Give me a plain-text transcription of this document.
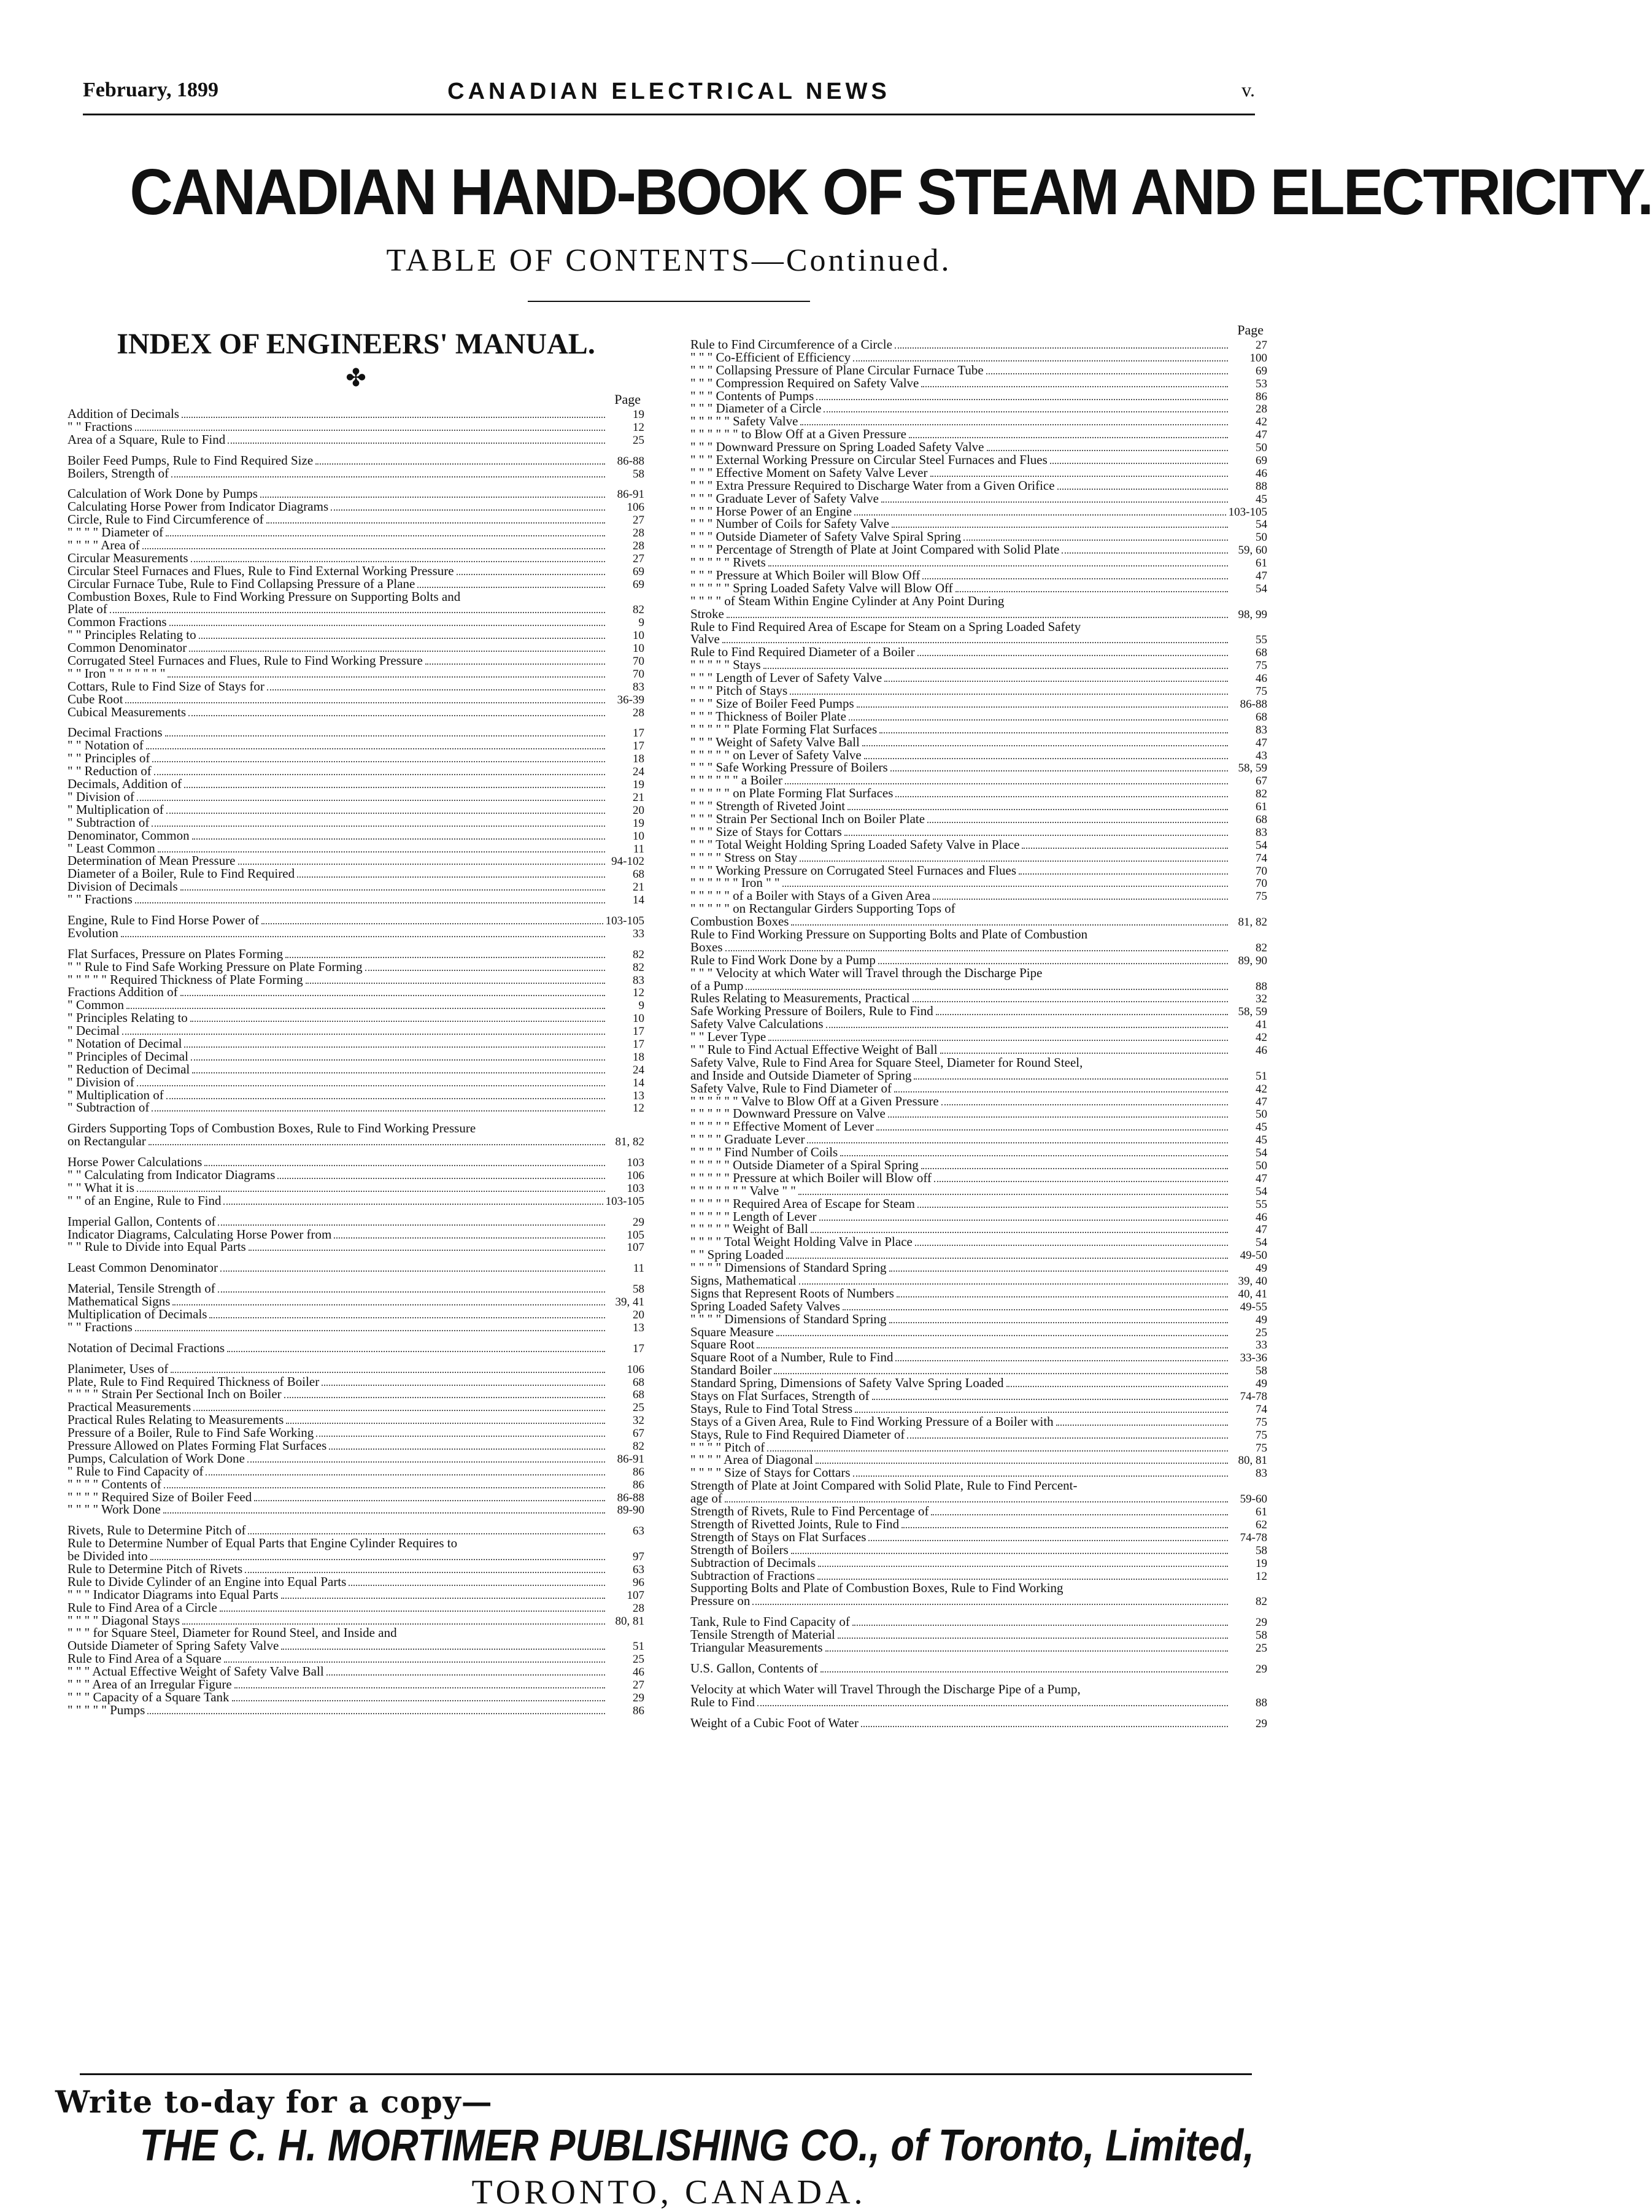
February, 1899	CANADIAN ELECTRICAL NEWS	v.
CANADIAN HAND-BOOK OF STEAM AND ELECTRICITY.
TABLE OF CONTENTS—Continued.
INDEX OF ENGINEERS' MANUAL.
✤
Page
Addition of Decimals	19
" " Fractions	12
Area of a Square, Rule to Find	25
Boiler Feed Pumps, Rule to Find Required Size	86-88
Boilers, Strength of	58
Calculation of Work Done by Pumps	86-91
Calculating Horse Power from Indicator Diagrams	106
Circle, Rule to Find Circumference of	27
" " " " Diameter of	28
" " " " Area of	28
Circular Measurements	27
Circular Steel Furnaces and Flues, Rule to Find External Working Pressure	69
Circular Furnace Tube, Rule to Find Collapsing Pressure of a Plane	69
Combustion Boxes, Rule to Find Working Pressure on Supporting Bolts and
Plate of	82
Common Fractions	9
" " Principles Relating to	10
Common Denominator	10
Corrugated Steel Furnaces and Flues, Rule to Find Working Pressure	70
" " Iron " " " " " " "	70
Cottars, Rule to Find Size of Stays for	83
Cube Root	36-39
Cubical Measurements	28
Decimal Fractions	17
" " Notation of	17
" " Principles of	18
" " Reduction of	24
Decimals, Addition of	19
" Division of	21
" Multiplication of	20
" Subtraction of	19
Denominator, Common	10
" Least Common	11
Determination of Mean Pressure	94-102
Diameter of a Boiler, Rule to Find Required	68
Division of Decimals	21
" " Fractions	14
Engine, Rule to Find Horse Power of	103-105
Evolution	33
Flat Surfaces, Pressure on Plates Forming	82
" " Rule to Find Safe Working Pressure on Plate Forming	82
" " " " " Required Thickness of Plate Forming	83
Fractions Addition of	12
" Common	9
" Principles Relating to	10
" Decimal	17
" Notation of Decimal	17
" Principles of Decimal	18
" Reduction of Decimal	24
" Division of	14
" Multiplication of	13
" Subtraction of	12
Girders Supporting Tops of Combustion Boxes, Rule to Find Working Pressure
on Rectangular	81, 82
Horse Power Calculations	103
" " Calculating from Indicator Diagrams	106
" " What it is	103
" " of an Engine, Rule to Find	103-105
Imperial Gallon, Contents of	29
Indicator Diagrams, Calculating Horse Power from	105
" " Rule to Divide into Equal Parts	107
Least Common Denominator	11
Material, Tensile Strength of	58
Mathematical Signs	39, 41
Multiplication of Decimals	20
" " Fractions	13
Notation of Decimal Fractions	17
Planimeter, Uses of	106
Plate, Rule to Find Required Thickness of Boiler	68
" " " " Strain Per Sectional Inch on Boiler	68
Practical Measurements	25
Practical Rules Relating to Measurements	32
Pressure of a Boiler, Rule to Find Safe Working	67
Pressure Allowed on Plates Forming Flat Surfaces	82
Pumps, Calculation of Work Done	86-91
" Rule to Find Capacity of	86
" " " " Contents of	86
" " " " Required Size of Boiler Feed	86-88
" " " " Work Done	89-90
Rivets, Rule to Determine Pitch of	63
Rule to Determine Number of Equal Parts that Engine Cylinder Requires to
be Divided into	97
Rule to Determine Pitch of Rivets	63
Rule to Divide Cylinder of an Engine into Equal Parts	96
" " " Indicator Diagrams into Equal Parts	107
Rule to Find Area of a Circle	28
" " " " Diagonal Stays	80, 81
" " " for Square Steel, Diameter for Round Steel, and Inside and
Outside Diameter of Spring Safety Valve	51
Rule to Find Area of a Square	25
" " " Actual Effective Weight of Safety Valve Ball	46
" " " Area of an Irregular Figure	27
" " " Capacity of a Square Tank	29
" " " " " Pumps	86
Page
Rule to Find Circumference of a Circle	27
" " " Co-Efficient of Efficiency	100
" " " Collapsing Pressure of Plane Circular Furnace Tube	69
" " " Compression Required on Safety Valve	53
" " " Contents of Pumps	86
" " " Diameter of a Circle	28
" " " " " Safety Valve	42
" " " " " " to Blow Off at a Given Pressure	47
" " " Downward Pressure on Spring Loaded Safety Valve	50
" " " External Working Pressure on Circular Steel Furnaces and Flues	69
" " " Effective Moment on Safety Valve Lever	46
" " " Extra Pressure Required to Discharge Water from a Given Orifice	88
" " " Graduate Lever of Safety Valve	45
" " " Horse Power of an Engine	103-105
" " " Number of Coils for Safety Valve	54
" " " Outside Diameter of Safety Valve Spiral Spring	50
" " " Percentage of Strength of Plate at Joint Compared with Solid Plate	59, 60
" " " " " Rivets	61
" " " Pressure at Which Boiler will Blow Off	47
" " " " " Spring Loaded Safety Valve will Blow Off	54
" " " " of Steam Within Engine Cylinder at Any Point During
Stroke	98, 99
Rule to Find Required Area of Escape for Steam on a Spring Loaded Safety
Valve	55
Rule to Find Required Diameter of a Boiler	68
" " " " " Stays	75
" " " Length of Lever of Safety Valve	46
" " " Pitch of Stays	75
" " " Size of Boiler Feed Pumps	86-88
" " " Thickness of Boiler Plate	68
" " " " " Plate Forming Flat Surfaces	83
" " " Weight of Safety Valve Ball	47
" " " " " on Lever of Safety Valve	43
" " " Safe Working Pressure of Boilers	58, 59
" " " " " " a Boiler	67
" " " " " on Plate Forming Flat Surfaces	82
" " " Strength of Riveted Joint	61
" " " Strain Per Sectional Inch on Boiler Plate	68
" " " Size of Stays for Cottars	83
" " " Total Weight Holding Spring Loaded Safety Valve in Place	54
" " " " Stress on Stay	74
" " " Working Pressure on Corrugated Steel Furnaces and Flues	70
" " " " " " Iron " "	70
" " " " " of a Boiler with Stays of a Given Area	75
" " " " " on Rectangular Girders Supporting Tops of
Combustion Boxes	81, 82
Rule to Find Working Pressure on Supporting Bolts and Plate of Combustion
Boxes	82
Rule to Find Work Done by a Pump	89, 90
" " " Velocity at which Water will Travel through the Discharge Pipe
of a Pump	88
Rules Relating to Measurements, Practical	32
Safe Working Pressure of Boilers, Rule to Find	58, 59
Safety Valve Calculations	41
" " Lever Type	42
" " Rule to Find Actual Effective Weight of Ball	46
Safety Valve, Rule to Find Area for Square Steel, Diameter for Round Steel,
and Inside and Outside Diameter of Spring	51
Safety Valve, Rule to Find Diameter of	42
" " " " " " Valve to Blow Off at a Given Pressure	47
" " " " " Downward Pressure on Valve	50
" " " " " Effective Moment of Lever	45
" " " " Graduate Lever	45
" " " " Find Number of Coils	54
" " " " " Outside Diameter of a Spiral Spring	50
" " " " " Pressure at which Boiler will Blow off	47
" " " " " " " Valve " "	54
" " " " " Required Area of Escape for Steam	55
" " " " " Length of Lever	46
" " " " " Weight of Ball	47
" " " " Total Weight Holding Valve in Place	54
" " Spring Loaded	49-50
" " " " Dimensions of Standard Spring	49
Signs, Mathematical	39, 40
Signs that Represent Roots of Numbers	40, 41
Spring Loaded Safety Valves	49-55
" " " " Dimensions of Standard Spring	49
Square Measure	25
Square Root	33
Square Root of a Number, Rule to Find	33-36
Standard Boiler	58
Standard Spring, Dimensions of Safety Valve Spring Loaded	49
Stays on Flat Surfaces, Strength of	74-78
Stays, Rule to Find Total Stress	74
Stays of a Given Area, Rule to Find Working Pressure of a Boiler with	75
Stays, Rule to Find Required Diameter of	75
" " " " Pitch of	75
" " " " Area of Diagonal	80, 81
" " " " Size of Stays for Cottars	83
Strength of Plate at Joint Compared with Solid Plate, Rule to Find Percent-
age of	59-60
Strength of Rivets, Rule to Find Percentage of	61
Strength of Rivetted Joints, Rule to Find	62
Strength of Stays on Flat Surfaces	74-78
Strength of Boilers	58
Subtraction of Decimals	19
Subtraction of Fractions	12
Supporting Bolts and Plate of Combustion Boxes, Rule to Find Working
Pressure on	82
Tank, Rule to Find Capacity of	29
Tensile Strength of Material	58
Triangular Measurements	25
U.S. Gallon, Contents of	29
Velocity at which Water will Travel Through the Discharge Pipe of a Pump,
Rule to Find	88
Weight of a Cubic Foot of Water	29
Write to-day for a copy—
THE C. H. MORTIMER PUBLISHING CO., of Toronto, Limited,
TORONTO, CANADA.
